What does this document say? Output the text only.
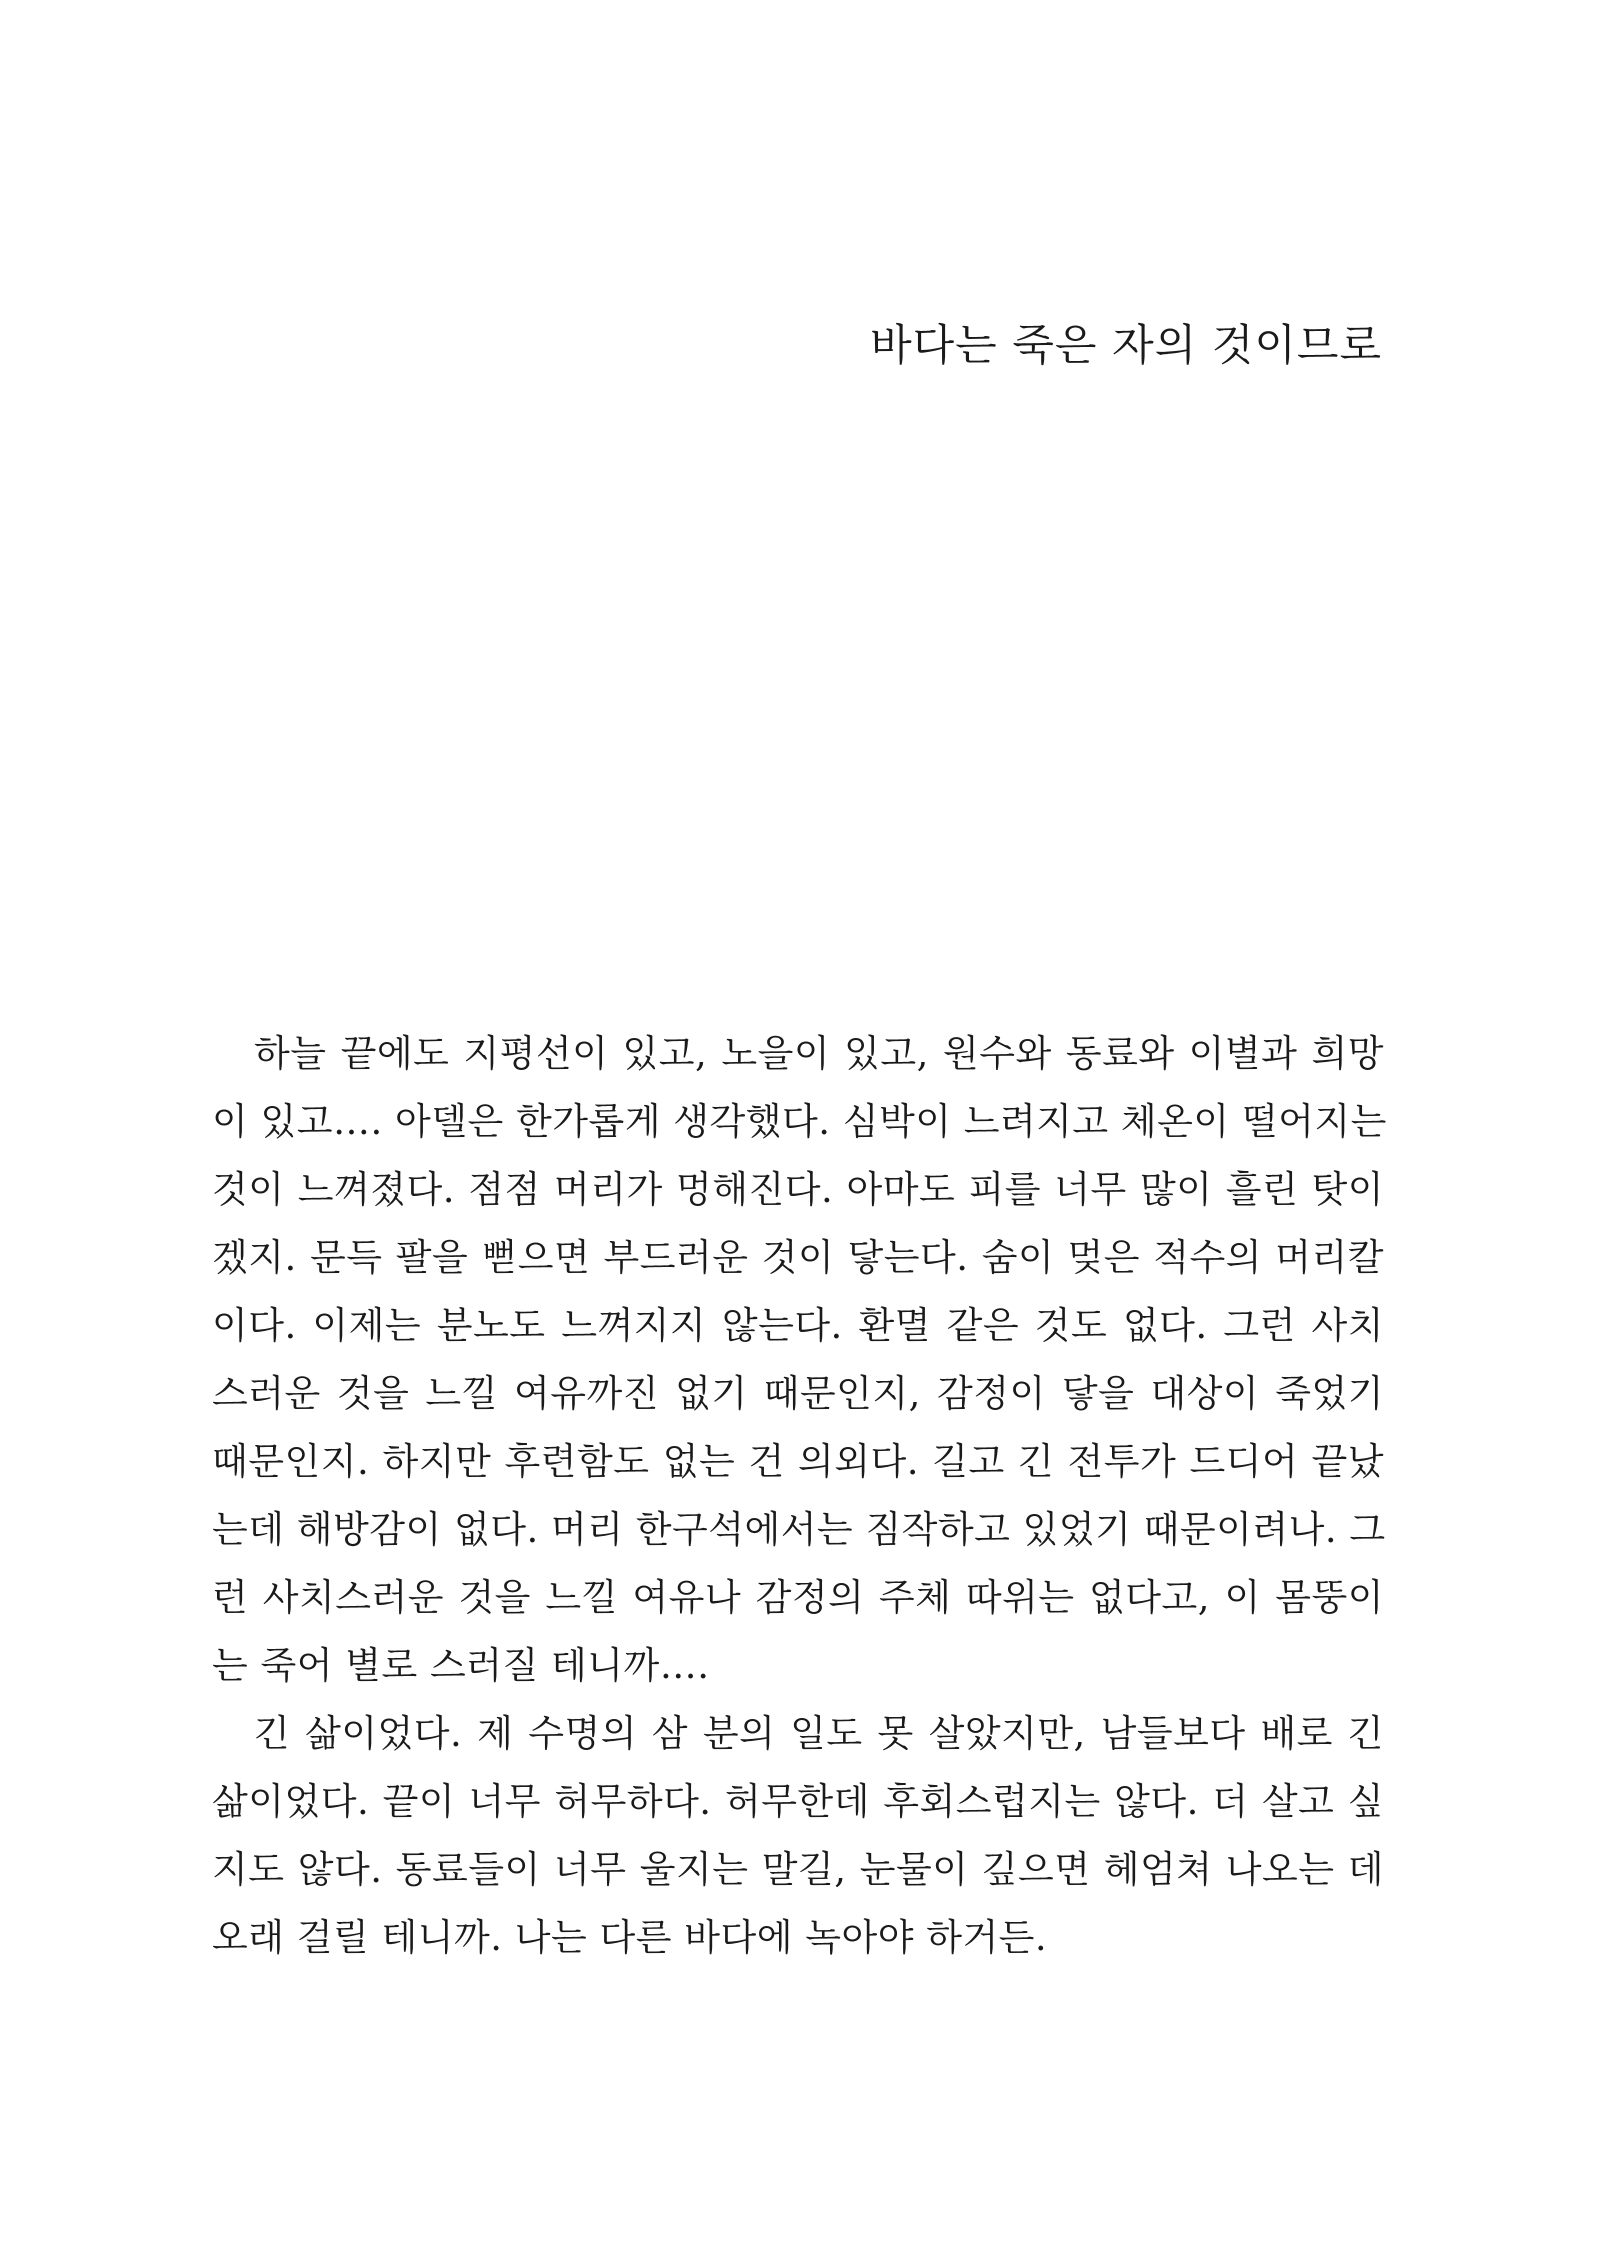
바다는 죽은 자의 것이므로
하늘 끝에도 지평선이 있고, 노을이 있고, 원수와 동료와 이별과 희망
이 있고…. 아델은 한가롭게 생각했다. 심박이 느려지고 체온이 떨어지는
것이 느껴졌다. 점점 머리가 멍해진다. 아마도 피를 너무 많이 흘린 탓이
겠지. 문득 팔을 뻗으면 부드러운 것이 닿는다. 숨이 멎은 적수의 머리칼
이다. 이제는 분노도 느껴지지 않는다. 환멸 같은 것도 없다. 그런 사치
스러운 것을 느낄 여유까진 없기 때문인지, 감정이 닿을 대상이 죽었기
때문인지. 하지만 후련함도 없는 건 의외다. 길고 긴 전투가 드디어 끝났
는데 해방감이 없다. 머리 한구석에서는 짐작하고 있었기 때문이려나. 그
런 사치스러운 것을 느낄 여유나 감정의 주체 따위는 없다고, 이 몸뚱이
는 죽어 별로 스러질 테니까….
긴 삶이었다. 제 수명의 삼 분의 일도 못 살았지만, 남들보다 배로 긴
삶이었다. 끝이 너무 허무하다. 허무한데 후회스럽지는 않다. 더 살고 싶
지도 않다. 동료들이 너무 울지는 말길, 눈물이 깊으면 헤엄쳐 나오는 데
오래 걸릴 테니까. 나는 다른 바다에 녹아야 하거든.
